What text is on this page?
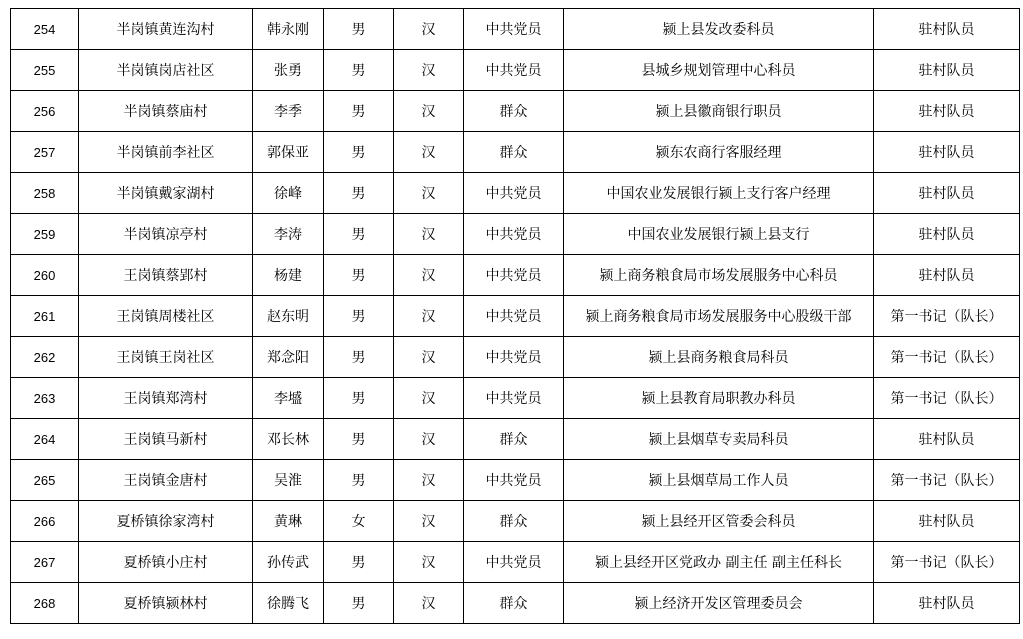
254	半岗镇黄连沟村	韩永刚	男	汉	中共党员	颍上县发改委科员	驻村队员
255	半岗镇岗店社区	张勇	男	汉	中共党员	县城乡规划管理中心科员	驻村队员
256	半岗镇蔡庙村	李季	男	汉	群众	颍上县徽商银行职员	驻村队员
257	半岗镇前李社区	郭保亚	男	汉	群众	颍东农商行客服经理	驻村队员
258	半岗镇戴家湖村	徐峰	男	汉	中共党员	中国农业发展银行颍上支行客户经理	驻村队员
259	半岗镇凉亭村	李涛	男	汉	中共党员	中国农业发展银行颍上县支行	驻村队员
260	王岗镇蔡郢村	杨建	男	汉	中共党员	颍上商务粮食局市场发展服务中心科员	驻村队员
261	王岗镇周楼社区	赵东明	男	汉	中共党员	颍上商务粮食局市场发展服务中心股级干部	第一书记（队长）
262	王岗镇王岗社区	郑念阳	男	汉	中共党员	颍上县商务粮食局科员	第一书记（队长）
263	王岗镇郑湾村	李墭	男	汉	中共党员	颍上县教育局职教办科员	第一书记（队长）
264	王岗镇马新村	邓长林	男	汉	群众	颍上县烟草专卖局科员	驻村队员
265	王岗镇金唐村	吴淮	男	汉	中共党员	颍上县烟草局工作人员	第一书记（队长）
266	夏桥镇徐家湾村	黄琳	女	汉	群众	颍上县经开区管委会科员	驻村队员
267	夏桥镇小庄村	孙传武	男	汉	中共党员	颍上县经开区党政办 副主任 副主任科长	第一书记（队长）
268	夏桥镇颍林村	徐腾飞	男	汉	群众	颍上经济开发区管理委员会	驻村队员
